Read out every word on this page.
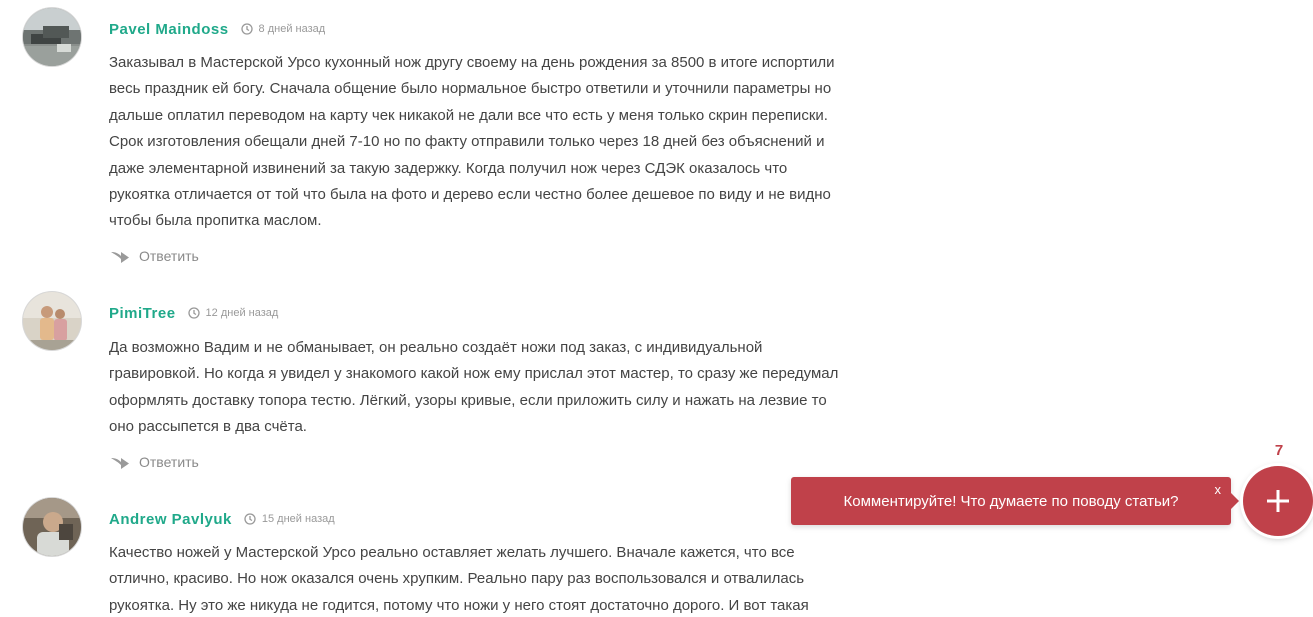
Pavel Maindoss	8 дней назад

Заказывал в Мастерской Урсо кухонный нож другу своему на день рождения за 8500 в итоге испортили весь праздник ей богу. Сначала общение было нормальное быстро ответили и уточнили параметры но дальше оплатил переводом на карту чек никакой не дали все что есть у меня только скрин переписки. Срок изготовления обещали дней 7-10 но по факту отправили только через 18 дней без объяснений и даже элементарной извинений за такую задержку. Когда получил нож через СДЭК оказалось что рукоятка отличается от той что была на фото и дерево если честно более дешевое по виду и не видно чтобы была пропитка маслом.

Ответить
PimiTree	12 дней назад

Да возможно Вадим и не обманывает, он реально создаёт ножи под заказ, с индивидуальной гравировкой. Но когда я увидел у знакомого какой нож ему прислал этот мастер, то сразу же передумал оформлять доставку топора тестю. Лёгкий, узоры кривые, если приложить силу и нажать на лезвие то оно рассыпется в два счёта.

Ответить
Andrew Pavlyuk	15 дней назад

Качество ножей у Мастерской Урсо реально оставляет желать лучшего. Вначале кажется, что все отлично, красиво. Но нож оказался очень хрупким. Реально пару раз воспользовался и отвалилась рукоятка. Ну это же никуда не годится, потому что ножи у него стоят достаточно дорого. И вот такая

7
Комментируйте! Что думаете по поводу статьи?
x
